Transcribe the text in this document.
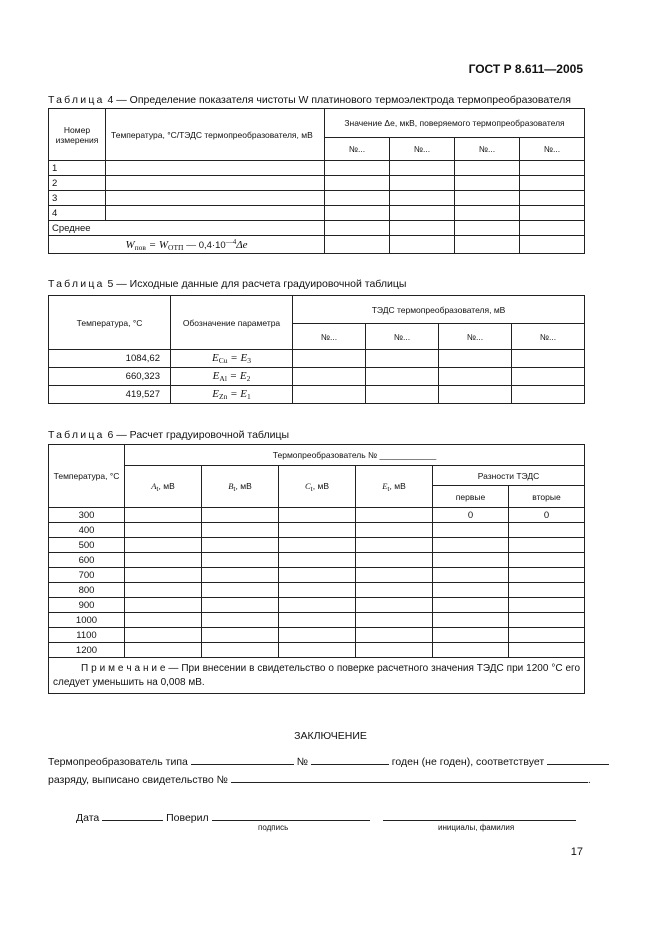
ГОСТ Р 8.611—2005
Таблица 4 — Определение показателя чистоты W платинового термоэлектрода термопреобразователя
Номер измерения	Температура, °С/ТЭДС термопреобразователя, мВ	Значение Δe, мкВ, поверяемого термопреобразователя			
		№...	№...	№...	№...
1					
2					
3					
4					
Среднее					
$W_{пов} = W_{ОТП}$ — $0,4\cdot 10^{—4}\Delta e$					
Таблица 5 — Исходные данные для расчета градуировочной таблицы
Температура, °С	Обозначение параметра	ТЭДС термопреобразователя, мВ			
		№...	№...	№...	№...
1084,62	$E_{Cu} = E_3$				
660,323	$E_{Al} = E_2$				
419,527	$E_{Zn} = E_1$				
Таблица 6 — Расчет градуировочной таблицы
Температура, °С	Термопреобразователь № ____________					
	At, мВ	Bt, мВ	Ct, мВ	Et, мВ	Разности ТЭДС	
					первые	вторые
300					0	0
400						
500						
600						
700						
800						
900						
1000						
1100						
1200						
П р и м е ч а н и е — При внесении в свидетельство о поверке расчетного значения ТЭДС при 1200 °С его следует уменьшить на 0,008 мВ.						
ЗАКЛЮЧЕНИЕ
Термопреобразователь типа	№	годен (не годен), соответствует
разряду, выписано свидетельство №	.
Дата	Поверил
подпись	инициалы, фамилия
17
